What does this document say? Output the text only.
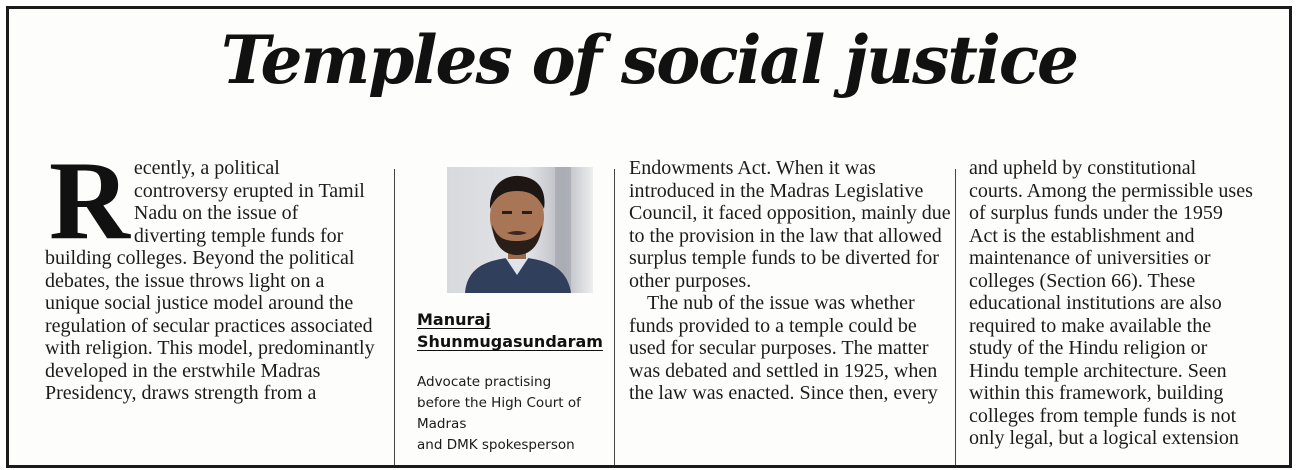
Temples of social justice
R ecently, a political controversy erupted in Tamil Nadu on the issue of diverting temple funds for building colleges. Beyond the political debates, the issue throws light on a unique social justice model around the regulation of secular practices associated with religion. This model, predominantly developed in the erstwhile Madras Presidency, draws strength from a

Manuraj
Shunmugasundaram
Advocate practising
before the High Court of
Madras
and DMK spokesperson

Endowments Act. When it was introduced in the Madras Legislative Council, it faced opposition, mainly due to the provision in the law that allowed surplus temple funds to be diverted for other purposes.

The nub of the issue was whether funds provided to a temple could be used for secular purposes. The matter was debated and settled in 1925, when the law was enacted. Since then, every

and upheld by constitutional courts. Among the permissible uses of surplus funds under the 1959 Act is the establishment and maintenance of universities or colleges (Section 66). These educational institutions are also required to make available the study of the Hindu religion or Hindu temple architecture. Seen within this framework, building colleges from temple funds is not only legal, but a logical extension
